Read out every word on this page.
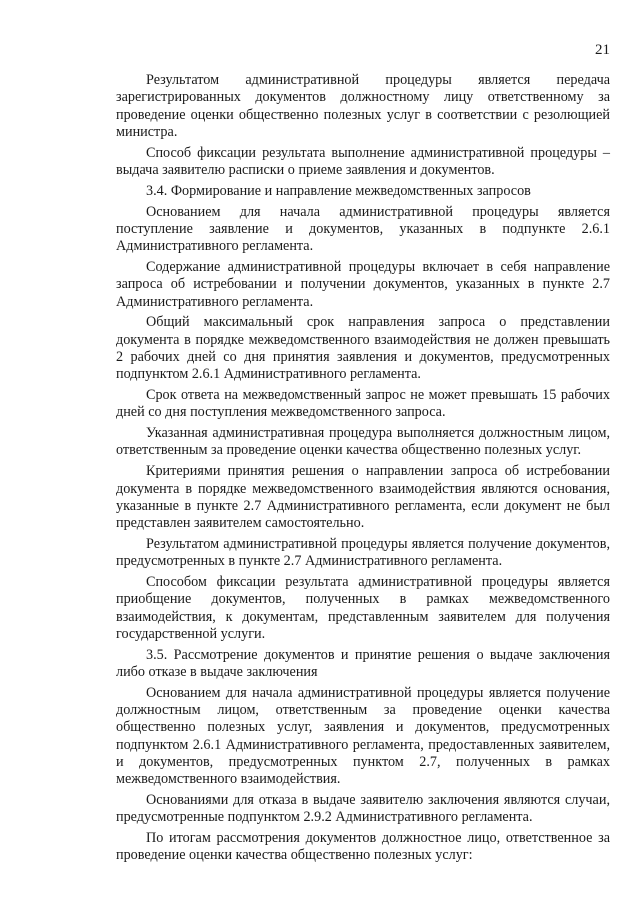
21

Результатом административной процедуры является передача зарегистрированных документов должностному лицу ответственному за проведение оценки общественно полезных услуг в соответствии с резолющией министра.

Способ фиксации результата выполнение административной процедуры – выдача заявителю расписки о приеме заявления и документов.

3.4. Формирование и направление межведомственных запросов

Основанием для начала административной процедуры является поступление заявление и документов, указанных в подпункте 2.6.1 Административного регламента.

Содержание административной процедуры включает в себя направление запроса об истребовании и получении документов, указанных в пункте 2.7 Административного регламента.

Общий максимальный срок направления запроса о представлении документа в порядке межведомственного взаимодействия не должен превышать 2 рабочих дней со дня принятия заявления и документов, предусмотренных подпунктом 2.6.1 Административного регламента.

Срок ответа на межведомственный запрос не может превышать 15 рабочих дней со дня поступления межведомственного запроса.

Указанная административная процедура выполняется должностным лицом, ответственным за проведение оценки качества общественно полезных услуг.

Критериями принятия решения о направлении запроса об истребовании документа в порядке межведомственного взаимодействия являются основания, указанные в пункте 2.7 Административного регламента, если документ не был представлен заявителем самостоятельно.

Результатом административной процедуры является получение документов, предусмотренных в пункте 2.7 Административного регламента.

Способом фиксации результата административной процедуры является приобщение документов, полученных в рамках межведомственного взаимодействия, к документам, представленным заявителем для получения государственной услуги.

3.5. Рассмотрение документов и принятие решения о выдаче заключения либо отказе в выдаче заключения

Основанием для начала административной процедуры является получение должностным лицом, ответственным за проведение оценки качества общественно полезных услуг, заявления и документов, предусмотренных подпунктом 2.6.1 Административного регламента, предоставленных заявителем, и документов, предусмотренных пунктом 2.7, полученных в рамках межведомственного взаимодействия.

Основаниями для отказа в выдаче заявителю заключения являются случаи, предусмотренные подпунктом 2.9.2 Административного регламента.

По итогам рассмотрения документов должностное лицо, ответственное за проведение оценки качества общественно полезных услуг:
